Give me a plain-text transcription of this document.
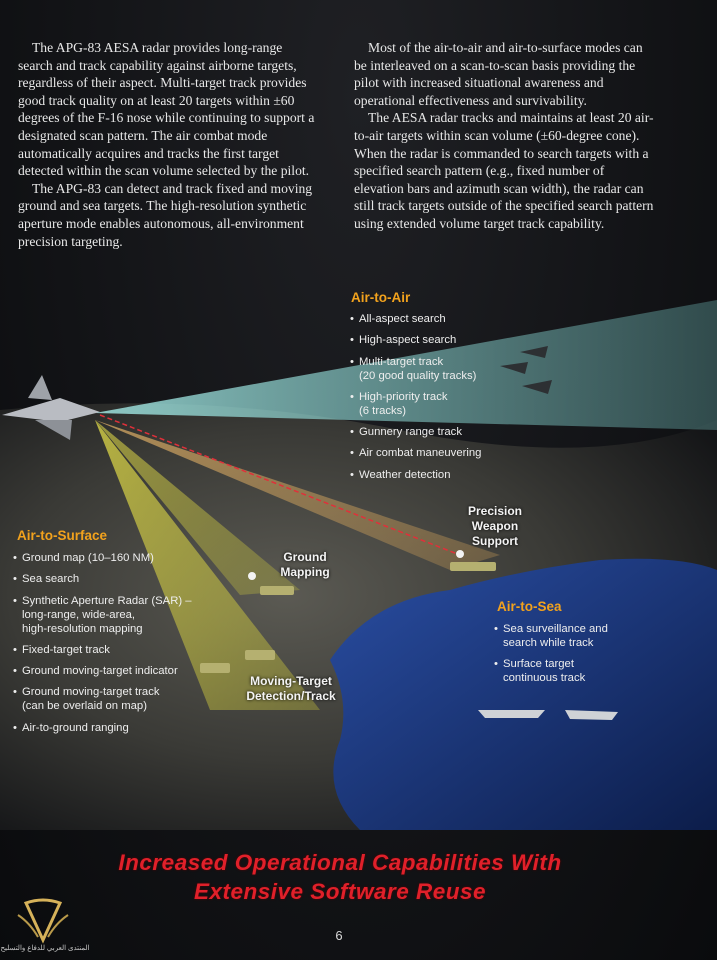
The APG-83 AESA radar provides long-range search and track capability against airborne targets, regardless of their aspect. Multi-target track provides good track quality on at least 20 targets within ±60 degrees of the F-16 nose while continuing to support a designated scan pattern. The air combat mode automatically acquires and tracks the first target detected within the scan volume selected by the pilot.

The APG-83 can detect and track fixed and moving ground and sea targets. The high-resolution synthetic aperture mode enables autonomous, all-environment precision targeting.

Most of the air-to-air and air-to-surface modes can be interleaved on a scan-to-scan basis providing the pilot with increased situational awareness and operational effectiveness and survivability.

The AESA radar tracks and maintains at least 20 air-to-air targets within scan volume (±60-degree cone). When the radar is commanded to search targets with a specified search pattern (e.g., fixed number of elevation bars and azimuth scan width), the radar can still track targets outside of the specified search pattern using extended volume target track capability.

Air-to-Air
• All-aspect search
• High-aspect search
• Multi-target track
(20 good quality tracks)
• High-priority track
(6 tracks)
• Gunnery range track
• Air combat maneuvering
• Weather detection
Air-to-Surface
• Ground map (10–160 NM)
• Sea search
• Synthetic Aperture Radar (SAR) –
long-range, wide-area,
high-resolution mapping
• Fixed-target track
• Ground moving-target indicator
• Ground moving-target track
(can be overlaid on map)
• Air-to-ground ranging
Air-to-Sea
• Sea surveillance and
search while track
• Surface target
continuous track
Precision
Weapon
Support
Ground
Mapping
Moving-Target
Detection/Track
Increased Operational Capabilities With
Extensive Software Reuse
6
المنتدى العربي للدفاع والتسليح
